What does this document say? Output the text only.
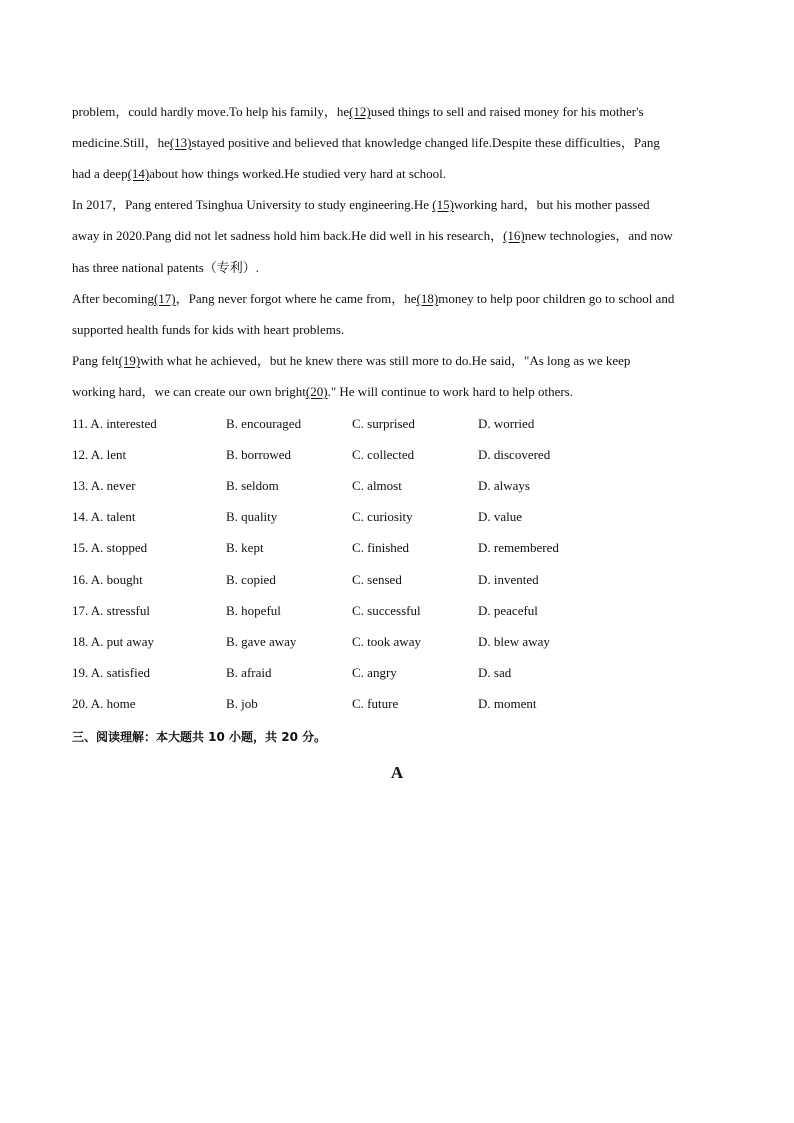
problem，could hardly move.To help his family，he(12)used things to sell and raised money for his mother's
medicine.Still，he(13)stayed positive and believed that knowledge changed life.Despite these difficulties，Pang
had a deep(14)about how things worked.He studied very hard at school.
In 2017，Pang entered Tsinghua University to study engineering.He (15)working hard，but his mother passed
away in 2020.Pang did not let sadness hold him back.He did well in his research，(16)new technologies，and now
has three national patents（专利）.
After becoming(17)，Pang never forgot where he came from，he(18)money to help poor children go to school and
supported health funds for kids with heart problems.
Pang felt(19)with what he achieved，but he knew there was still more to do.He said，"As long as we keep
working hard，we can create our own bright(20)." He will continue to work hard to help others.
11. A. interested	B. encouraged	C. surprised	D. worried
12. A. lent	B. borrowed	C. collected	D. discovered
13. A. never	B. seldom	C. almost	D. always
14. A. talent	B. quality	C. curiosity	D. value
15. A. stopped	B. kept	C. finished	D. remembered
16. A. bought	B. copied	C. sensed	D. invented
17. A. stressful	B. hopeful	C. successful	D. peaceful
18. A. put away	B. gave away	C. took away	D. blew away
19. A. satisfied	B. afraid	C. angry	D. sad
20. A. home	B. job	C. future	D. moment
三、阅读理解：本大题共 10 小题，共 20 分。
A
